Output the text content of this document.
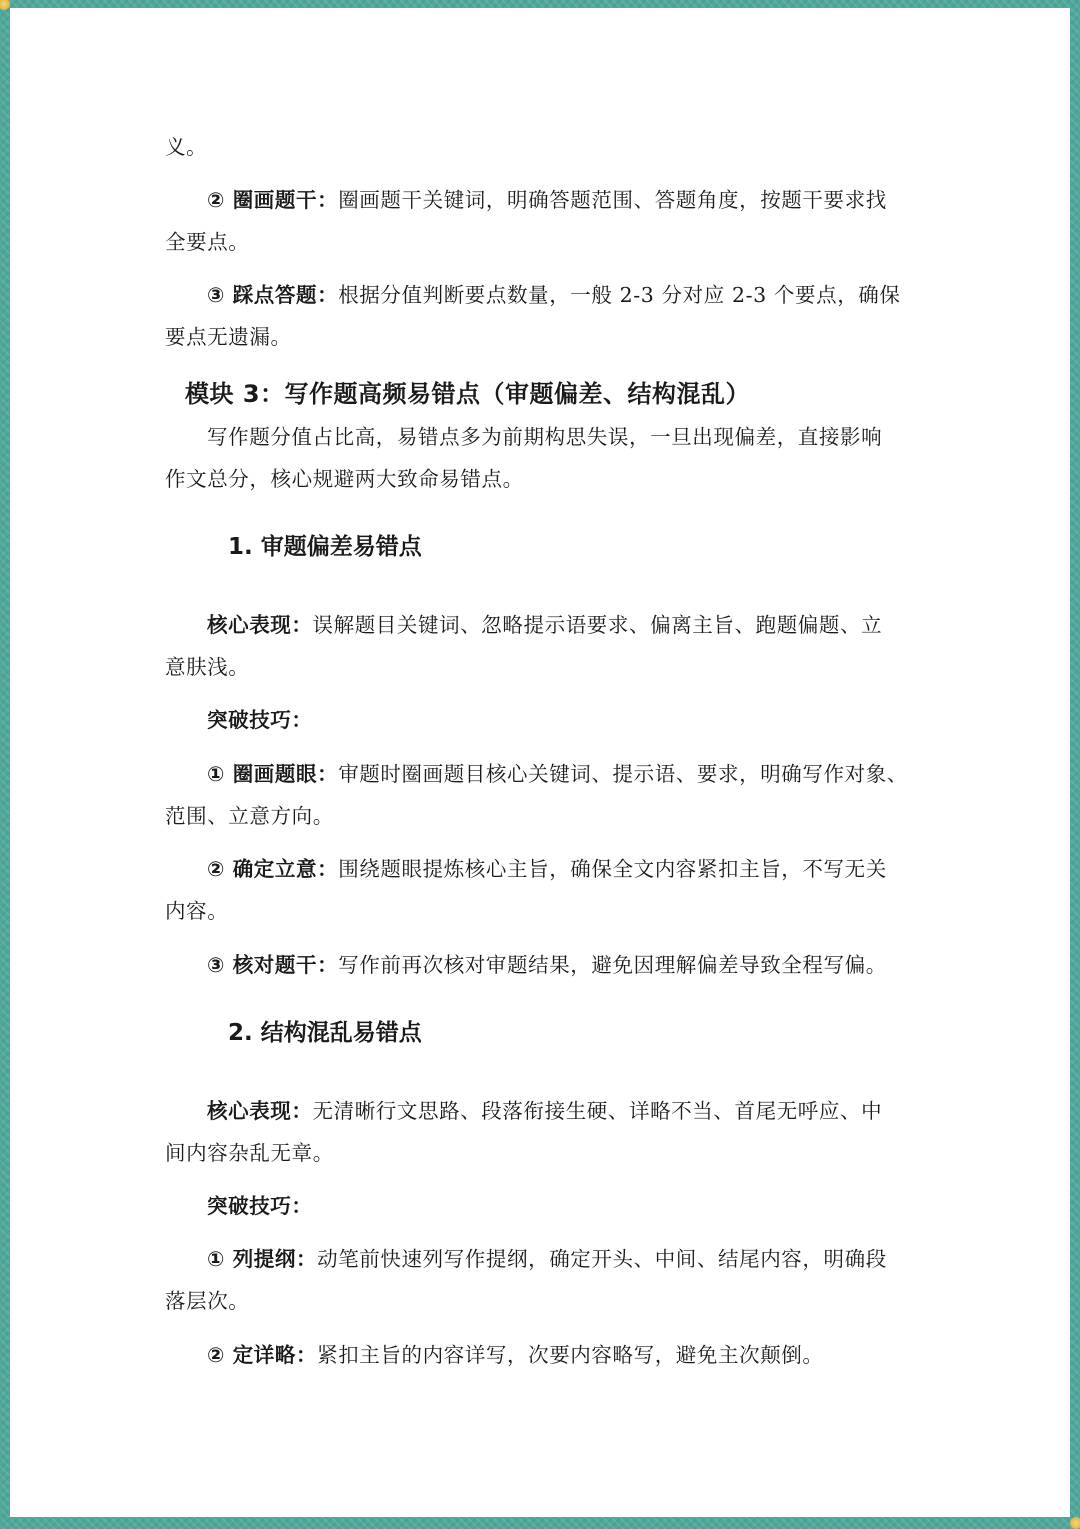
义。
② 圈画题干：圈画题干关键词，明确答题范围、答题角度，按题干要求找
全要点。
③ 踩点答题：根据分值判断要点数量，一般 2-3 分对应 2-3 个要点，确保
要点无遗漏。
模块 3：写作题高频易错点（审题偏差、结构混乱）
写作题分值占比高，易错点多为前期构思失误，一旦出现偏差，直接影响
作文总分，核心规避两大致命易错点。
1. 审题偏差易错点
核心表现：误解题目关键词、忽略提示语要求、偏离主旨、跑题偏题、立
意肤浅。
突破技巧：
① 圈画题眼：审题时圈画题目核心关键词、提示语、要求，明确写作对象、
范围、立意方向。
② 确定立意：围绕题眼提炼核心主旨，确保全文内容紧扣主旨，不写无关
内容。
③ 核对题干：写作前再次核对审题结果，避免因理解偏差导致全程写偏。
2. 结构混乱易错点
核心表现：无清晰行文思路、段落衔接生硬、详略不当、首尾无呼应、中
间内容杂乱无章。
突破技巧：
① 列提纲：动笔前快速列写作提纲，确定开头、中间、结尾内容，明确段
落层次。
② 定详略：紧扣主旨的内容详写，次要内容略写，避免主次颠倒。
